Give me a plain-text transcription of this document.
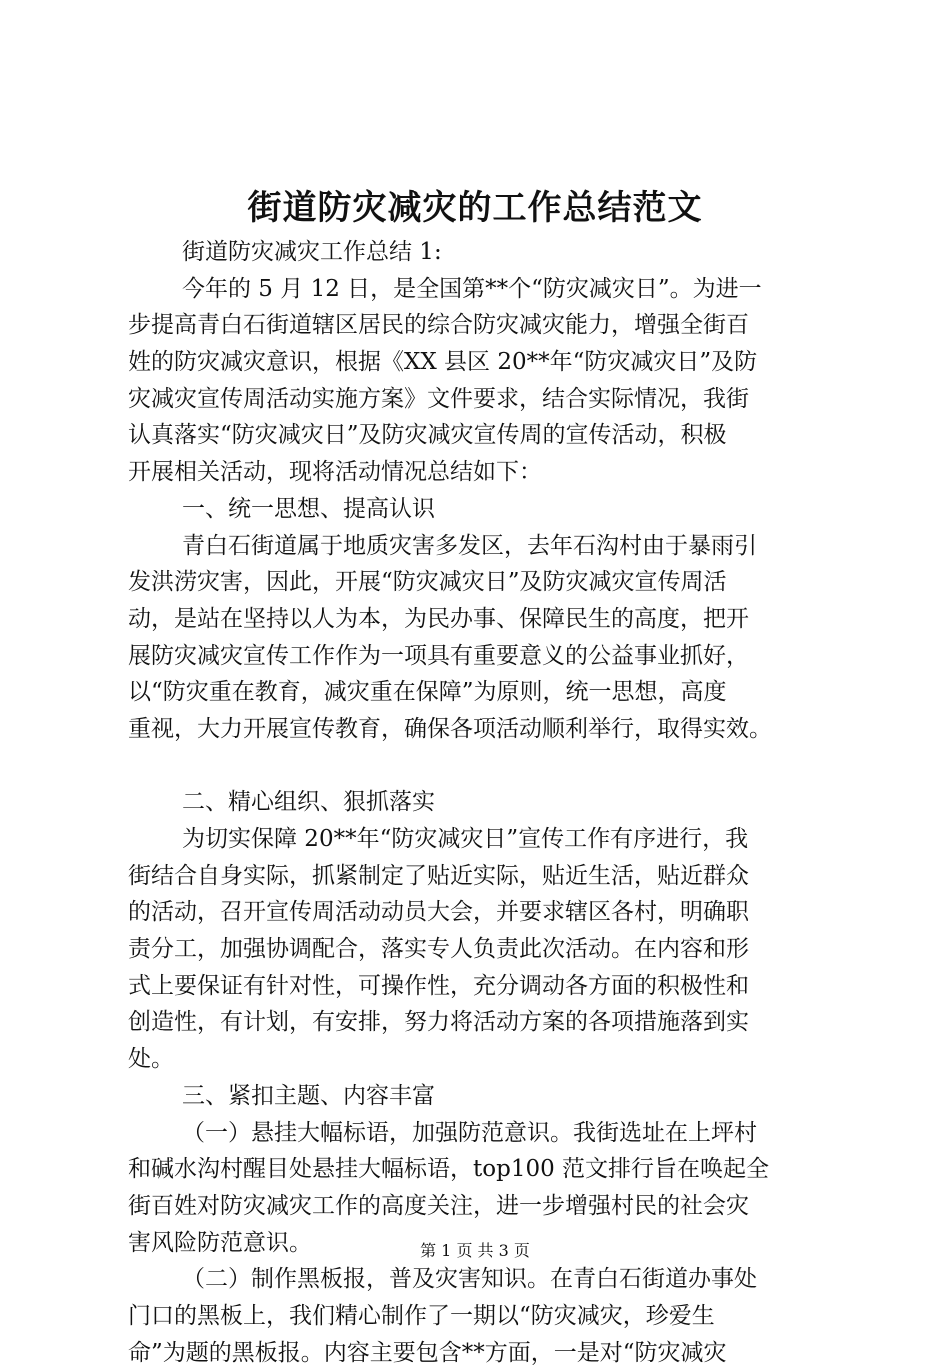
街道防灾减灾的工作总结范文
街道防灾减灾工作总结 1:
今年的 5 月 12 日，是全国第**个“防灾减灾日”。为进一
步提高青白石街道辖区居民的综合防灾减灾能力，增强全街百
姓的防灾减灾意识，根据《XX 县区 20**年“防灾减灾日”及防
灾减灾宣传周活动实施方案》文件要求，结合实际情况，我街
认真落实“防灾减灾日”及防灾减灾宣传周的宣传活动，积极
开展相关活动，现将活动情况总结如下：
一、统一思想、提高认识
青白石街道属于地质灾害多发区，去年石沟村由于暴雨引
发洪涝灾害，因此，开展“防灾减灾日”及防灾减灾宣传周活
动，是站在坚持以人为本，为民办事、保障民生的高度，把开
展防灾减灾宣传工作作为一项具有重要意义的公益事业抓好，
以“防灾重在教育，减灾重在保障”为原则，统一思想，高度
重视，大力开展宣传教育，确保各项活动顺利举行，取得实效。
二、精心组织、狠抓落实
为切实保障 20**年“防灾减灾日”宣传工作有序进行，我
街结合自身实际，抓紧制定了贴近实际，贴近生活，贴近群众
的活动，召开宣传周活动动员大会，并要求辖区各村，明确职
责分工，加强协调配合，落实专人负责此次活动。在内容和形
式上要保证有针对性，可操作性，充分调动各方面的积极性和
创造性，有计划，有安排，努力将活动方案的各项措施落到实
处。
三、紧扣主题、内容丰富
（一）悬挂大幅标语，加强防范意识。我街选址在上坪村
和碱水沟村醒目处悬挂大幅标语，top100 范文排行旨在唤起全
街百姓对防灾减灾工作的高度关注，进一步增强村民的社会灾
害风险防范意识。
（二）制作黑板报，普及灾害知识。在青白石街道办事处
门口的黑板上，我们精心制作了一期以“防灾减灾，珍爱生
命”为题的黑板报。内容主要包含**方面，一是对“防灾减灾
第 1 页 共 3 页
